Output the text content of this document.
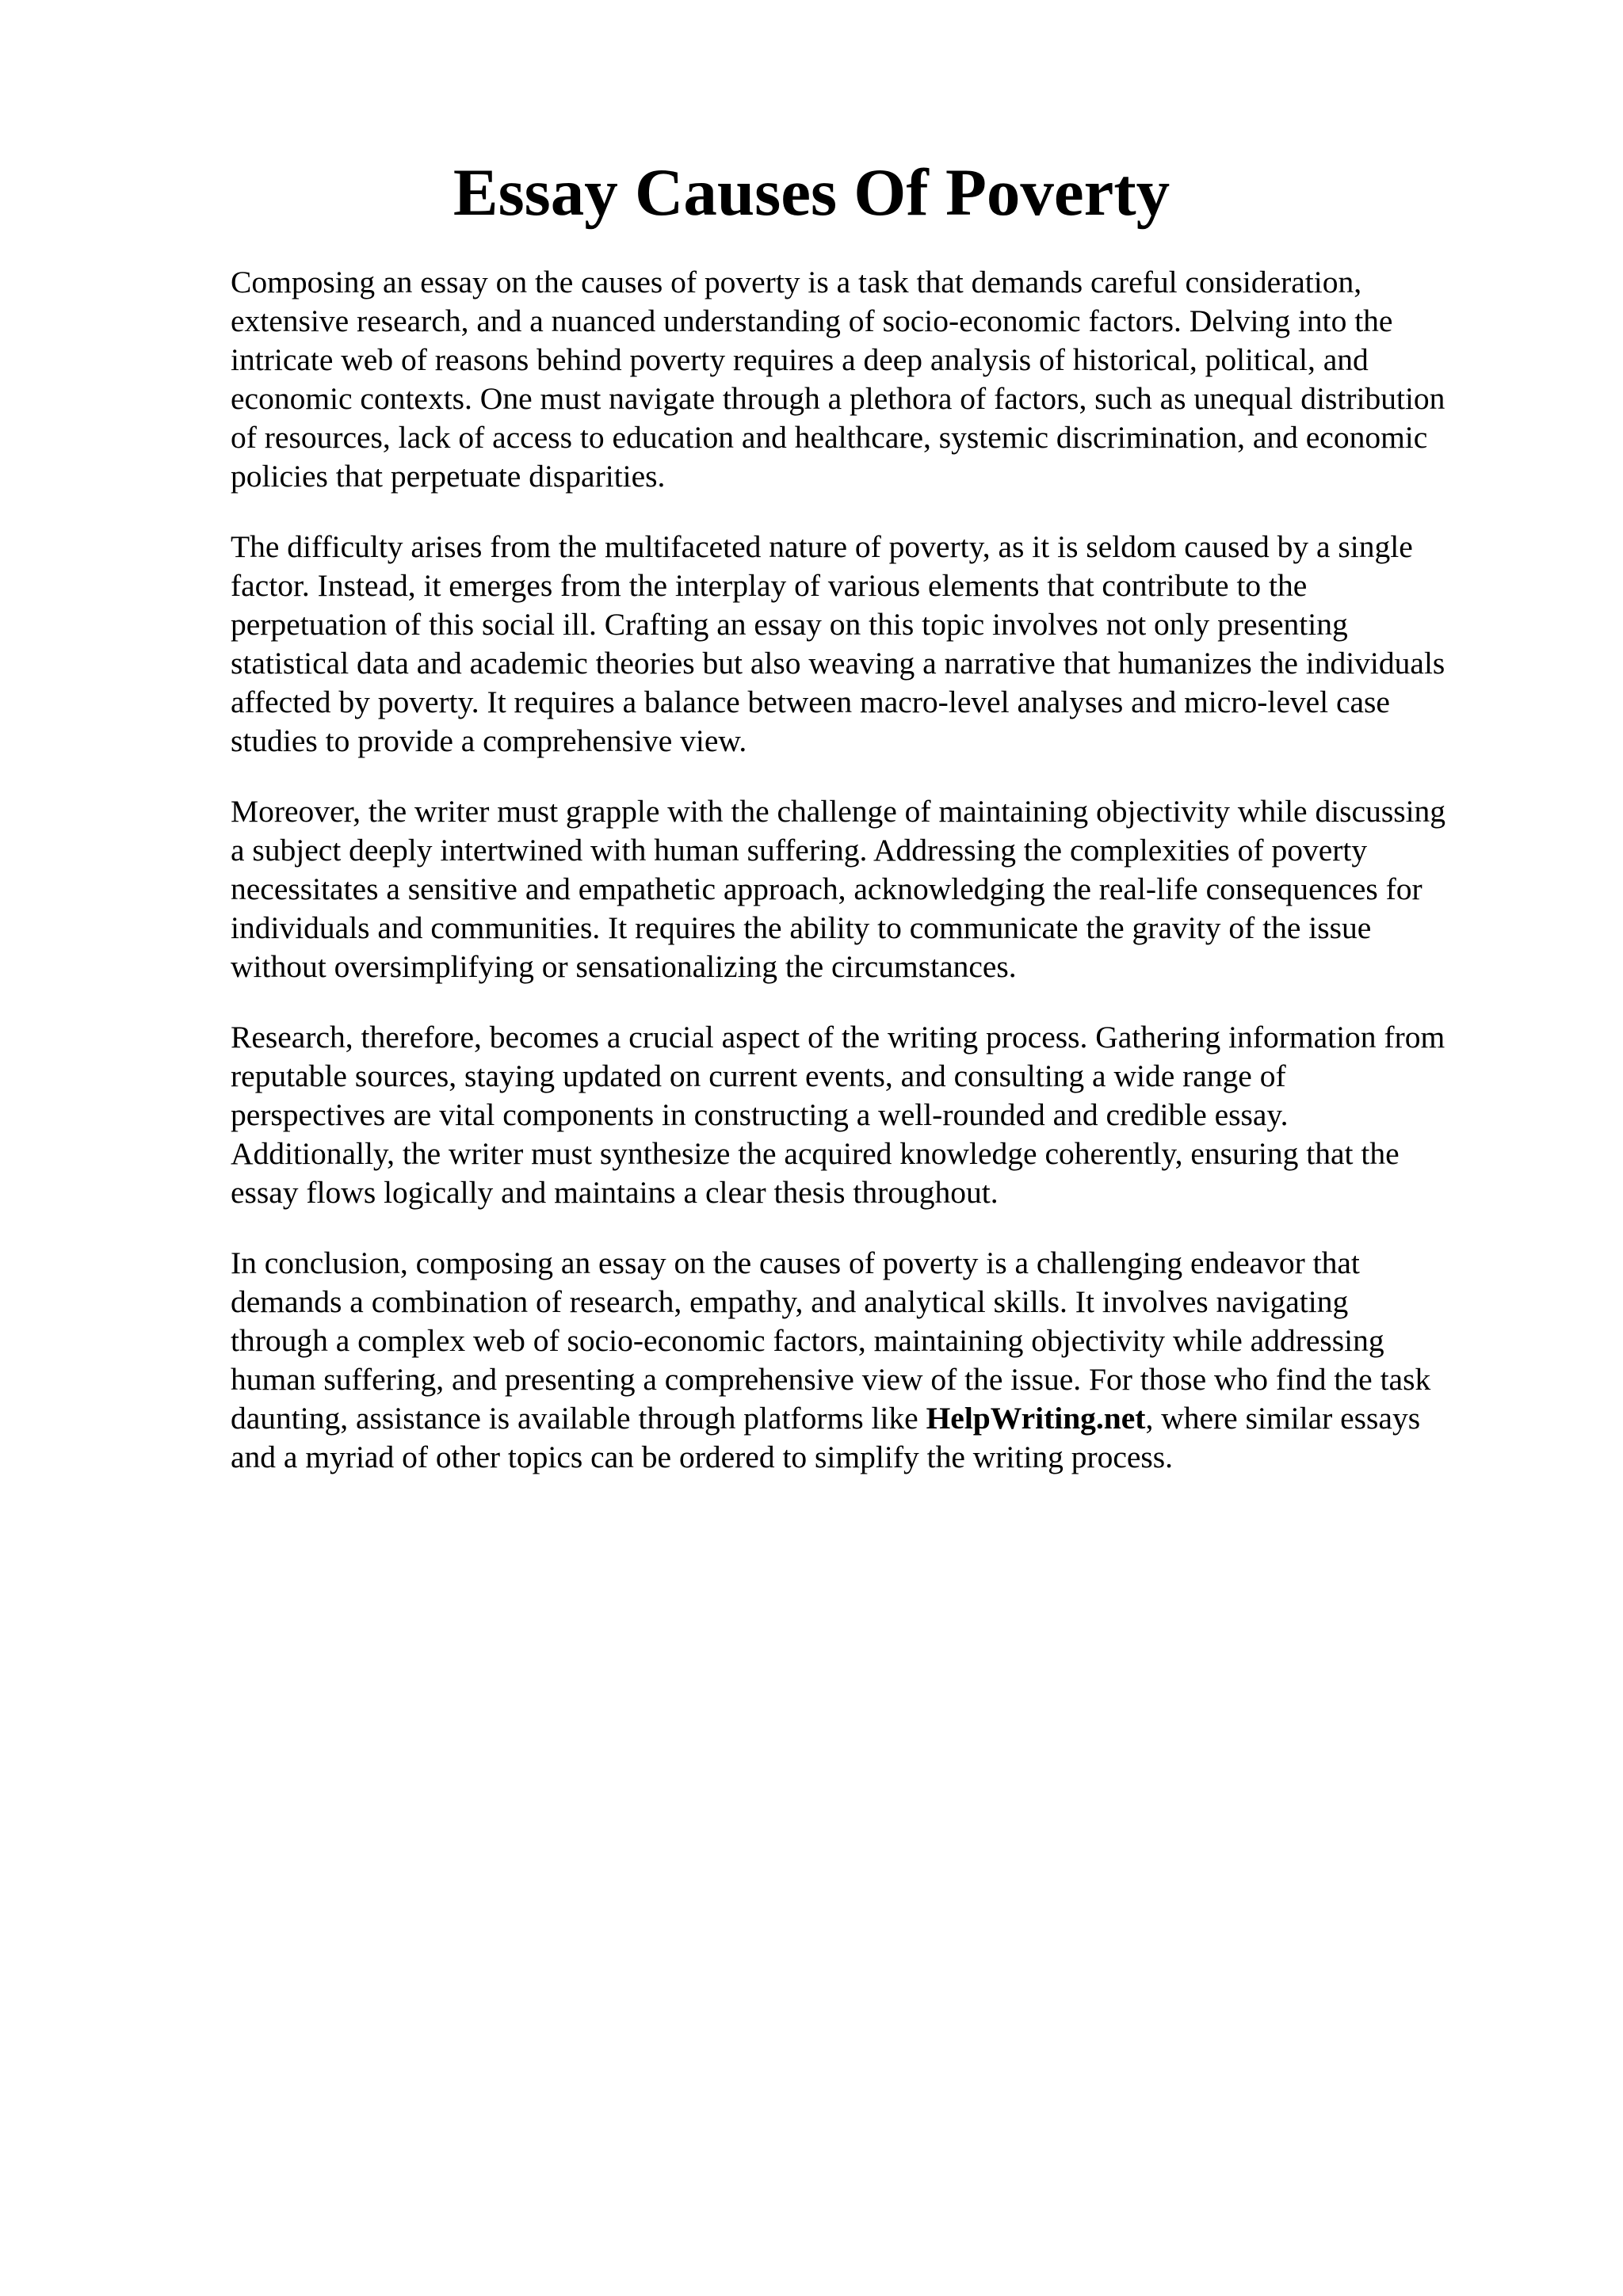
Essay Causes Of Poverty

Composing an essay on the causes of poverty is a task that demands careful consideration,
extensive research, and a nuanced understanding of socio-economic factors. Delving into the
intricate web of reasons behind poverty requires a deep analysis of historical, political, and
economic contexts. One must navigate through a plethora of factors, such as unequal distribution
of resources, lack of access to education and healthcare, systemic discrimination, and economic
policies that perpetuate disparities.

The difficulty arises from the multifaceted nature of poverty, as it is seldom caused by a single
factor. Instead, it emerges from the interplay of various elements that contribute to the
perpetuation of this social ill. Crafting an essay on this topic involves not only presenting
statistical data and academic theories but also weaving a narrative that humanizes the individuals
affected by poverty. It requires a balance between macro-level analyses and micro-level case
studies to provide a comprehensive view.

Moreover, the writer must grapple with the challenge of maintaining objectivity while discussing
a subject deeply intertwined with human suffering. Addressing the complexities of poverty
necessitates a sensitive and empathetic approach, acknowledging the real-life consequences for
individuals and communities. It requires the ability to communicate the gravity of the issue
without oversimplifying or sensationalizing the circumstances.

Research, therefore, becomes a crucial aspect of the writing process. Gathering information from
reputable sources, staying updated on current events, and consulting a wide range of
perspectives are vital components in constructing a well-rounded and credible essay.
Additionally, the writer must synthesize the acquired knowledge coherently, ensuring that the
essay flows logically and maintains a clear thesis throughout.

In conclusion, composing an essay on the causes of poverty is a challenging endeavor that
demands a combination of research, empathy, and analytical skills. It involves navigating
through a complex web of socio-economic factors, maintaining objectivity while addressing
human suffering, and presenting a comprehensive view of the issue. For those who find the task
daunting, assistance is available through platforms like HelpWriting.net, where similar essays
and a myriad of other topics can be ordered to simplify the writing process.
